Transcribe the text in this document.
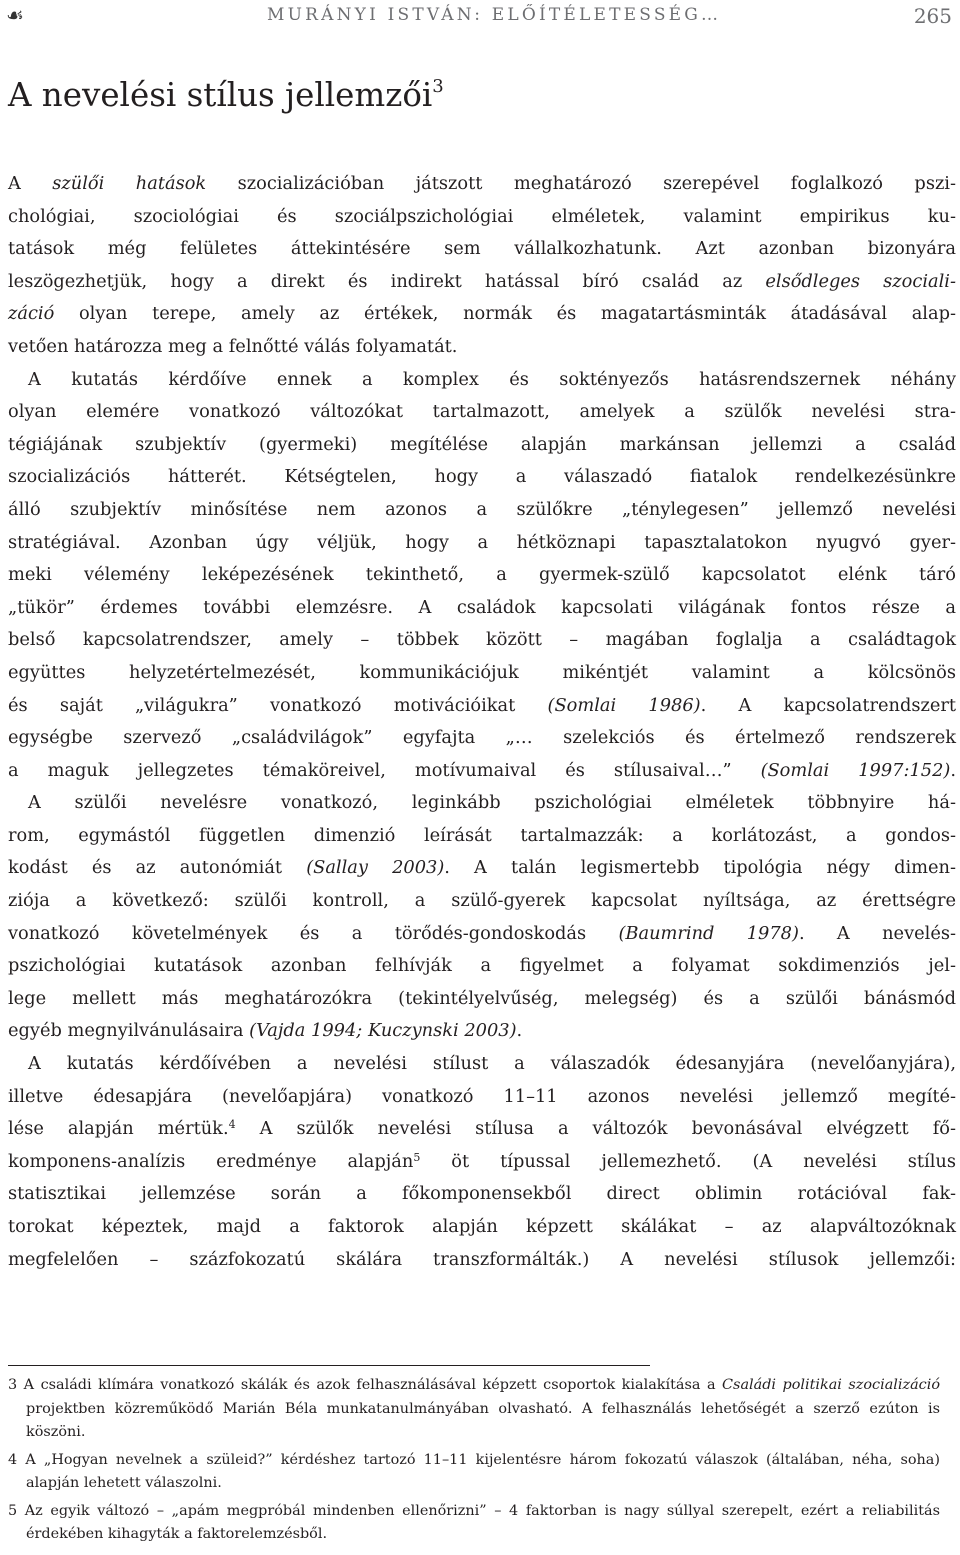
☙	MURÁNYI ISTVÁN: ELŐÍTÉLETESSÉG…	265
A nevelési stílus jellemzői$^3$

A szülői hatások szocializációban játszott meghatározó szerepével foglalkozó pszi-

chológiai, szociológiai és szociálpszichológiai elméletek, valamint empirikus ku-

tatások még felületes áttekintésére sem vállalkozhatunk. Azt azonban bizonyára

leszögezhetjük, hogy a direkt és indirekt hatással bíró család az elsődleges szociali-

záció olyan terepe, amely az értékek, normák és magatartásminták átadásával alap-

vetően határozza meg a felnőtté válás folyamatát.

A kutatás kérdőíve ennek a komplex és soktényezős hatásrendszernek néhány

olyan elemére vonatkozó változókat tartalmazott, amelyek a szülők nevelési stra-

tégiájának szubjektív (gyermeki) megítélése alapján markánsan jellemzi a család

szocializációs hátterét. Kétségtelen, hogy a válaszadó fiatalok rendelkezésünkre

álló szubjektív minősítése nem azonos a szülőkre „ténylegesen” jellemző nevelési

stratégiával. Azonban úgy véljük, hogy a hétköznapi tapasztalatokon nyugvó gyer-

meki vélemény leképezésének tekinthető, a gyermek-szülő kapcsolatot elénk táró

„tükör” érdemes további elemzésre. A családok kapcsolati világának fontos része a

belső kapcsolatrendszer, amely – többek között – magában foglalja a családtagok

együttes helyzetértelmezését, kommunikációjuk mikéntjét valamint a kölcsönös

és saját „világukra” vonatkozó motivációikat (Somlai 1986). A kapcsolatrendszert

egységbe szervező „családvilágok” egyfajta „… szelekciós és értelmező rendszerek

a maguk jellegzetes témaköreivel, motívumaival és stílusaival…” (Somlai 1997:152).

A szülői nevelésre vonatkozó, leginkább pszichológiai elméletek többnyire há-

rom, egymástól független dimenzió leírását tartalmazzák: a korlátozást, a gondos-

kodást és az autonómiát (Sallay 2003). A talán legismertebb tipológia négy dimen-

ziója a következő: szülői kontroll, a szülő-gyerek kapcsolat nyíltsága, az érettségre

vonatkozó követelmények és a törődés-gondoskodás (Baumrind 1978). A nevelés-

pszichológiai kutatások azonban felhívják a figyelmet a folyamat sokdimenziós jel-

lege mellett más meghatározókra (tekintélyelvűség, melegség) és a szülői bánásmód

egyéb megnyilvánulásaira (Vajda 1994; Kuczynski 2003).

A kutatás kérdőívében a nevelési stílust a válaszadók édesanyjára (nevelőanyjára),

illetve édesapjára (nevelőapjára) vonatkozó 11–11 azonos nevelési jellemző megíté-

lése alapján mértük.$^4$ A szülők nevelési stílusa a változók bevonásával elvégzett fő-

komponens-analízis eredménye alapján$^5$ öt típussal jellemezhető. (A nevelési stílus

statisztikai jellemzése során a főkomponensekből direct oblimin rotációval fak-

torokat képeztek, majd a faktorok alapján képzett skálákat – az alapváltozóknak

megfelelően – százfokozatú skálára transzformálták.) A nevelési stílusok jellemzői:

3 A családi klímára vonatkozó skálák és azok felhasználásával képzett csoportok kialakítása a Családi politikai szocializáció projektben közreműködő Marián Béla munkatanulmányában olvasható. A felhasználás lehetőségét a szerző ezúton is köszöni.

4 A „Hogyan nevelnek a szüleid?” kérdéshez tartozó 11–11 kijelentésre három fokozatú válaszok (általában, néha, soha) alapján lehetett válaszolni.

5 Az egyik változó – „apám megpróbál mindenben ellenőrizni” – 4 faktorban is nagy súllyal szerepelt, ezért a reliabilitás érdekében kihagyták a faktorelemzésből.
